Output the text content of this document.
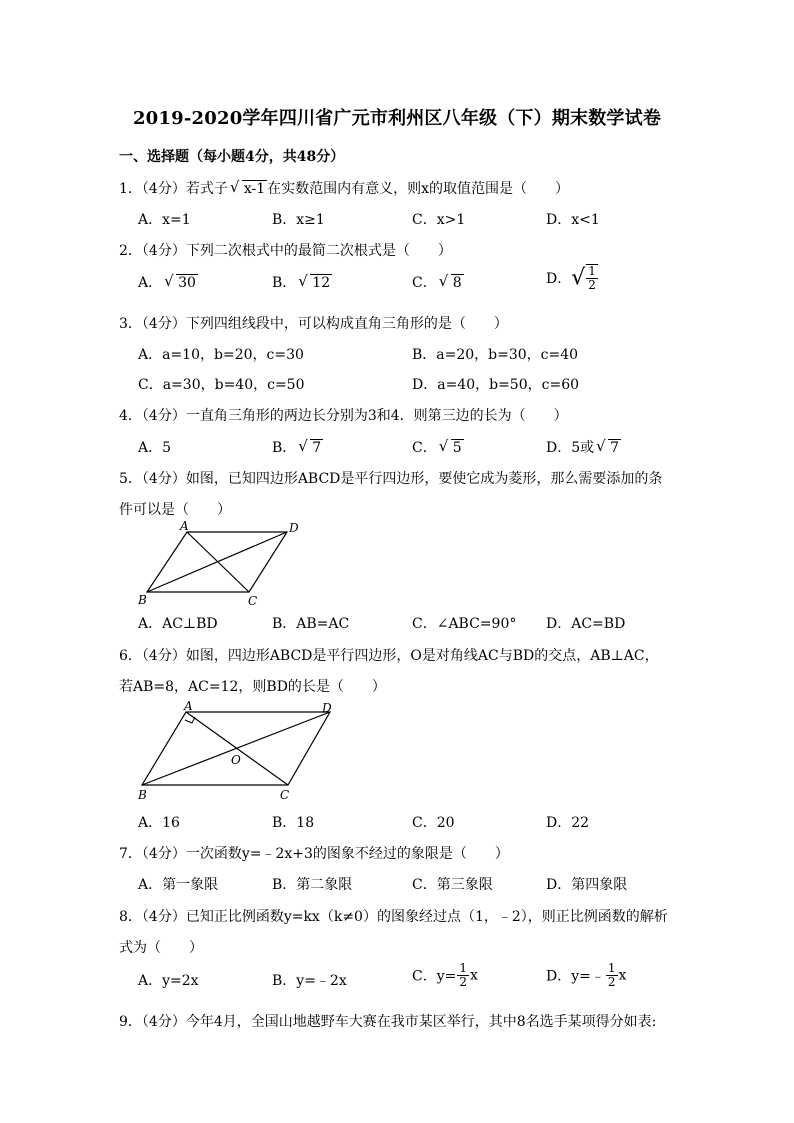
2019-2020学年四川省广元市利州区八年级（下）期末数学试卷
一、选择题（每小题4分，共48分）
1．（4分）若式子 √ x-1 在实数范围内有意义，则x的取值范围是（　　）
A．x=1	B．x≥1	C．x>1	D．x<1
2．（4分）下列二次根式中的最简二次根式是（　　）
A． √ 30	B． √ 12	C． √ 8	D．√ $\frac{1}{2}$
3．（4分）下列四组线段中，可以构成直角三角形的是（　　）
A．a=10，b=20，c=30	B．a=20，b=30，c=40
C．a=30，b=40，c=50	D．a=40，b=50，c=60
4．（4分）一直角三角形的两边长分别为3和4．则第三边的长为（　　）
A．5	B． √ 7	C． √ 5	D．5或 √ 7
5．（4分）如图，已知四边形ABCD是平行四边形，要使它成为菱形，那么需要添加的条
件可以是（　　）
A	D
B	C
A．AC⊥BD	B．AB=AC	C．∠ABC=90° D．AC=BD
6．（4分）如图，四边形ABCD是平行四边形，O是对角线AC与BD的交点，AB⊥AC，
若AB=8，AC=12，则BD的长是（　　）
A	D
B	C
O
A．16	B．18	C．20	D．22
7．（4分）一次函数y=﹣2x+3的图象不经过的象限是（　　）
A．第一象限	B．第二象限	C．第三象限	D．第四象限
8．（4分）已知正比例函数y=kx（k≠0）的图象经过点（1，﹣2），则正比例函数的解析
式为（　　）
A．y=2x	B．y=﹣2x	C．$y= \frac{1}{2}$ x	D．y=﹣ $\frac{1}{2}$ x
9．（4分）今年4月，全国山地越野车大赛在我市某区举行，其中8名选手某项得分如表:
